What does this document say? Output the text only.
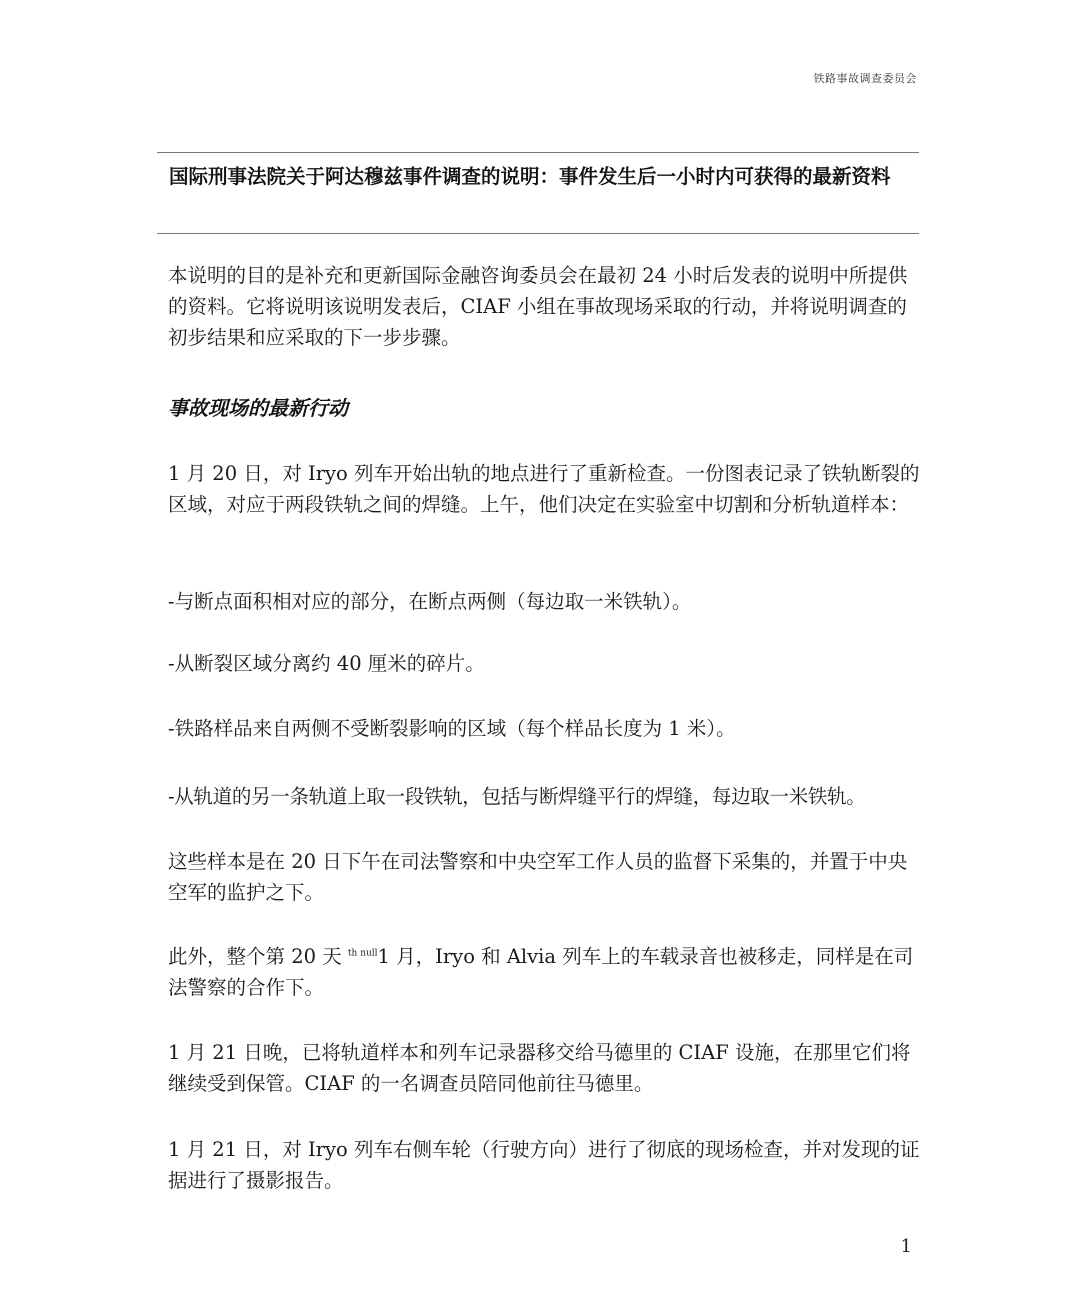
铁路事故调查委员会
国际刑事法院关于阿达穆兹事件调查的说明：事件发生后一小时内可获得的最新资料

本说明的目的是补充和更新国际金融咨询委员会在最初 24 小时后发表的说明中所提供的资料。它将说明该说明发表后，CIAF 小组在事故现场采取的行动，并将说明调查的初步结果和应采取的下一步步骤。

事故现场的最新行动

1 月 20 日，对 Iryo 列车开始出轨的地点进行了重新检查。一份图表记录了铁轨断裂的区域，对应于两段铁轨之间的焊缝。上午，他们决定在实验室中切割和分析轨道样本：

-与断点面积相对应的部分，在断点两侧（每边取一米铁轨）。

-从断裂区域分离约 40 厘米的碎片。

-铁路样品来自两侧不受断裂影响的区域（每个样品长度为 1 米）。

-从轨道的另一条轨道上取一段铁轨，包括与断焊缝平行的焊缝，每边取一米铁轨。

这些样本是在 20 日下午在司法警察和中央空军工作人员的监督下采集的，并置于中央空军的监护之下。

此外，整个第 20 天 $^{th null}$1 月，Iryo 和 Alvia 列车上的车载录音也被移走，同样是在司法警察的合作下。

1 月 21 日晚，已将轨道样本和列车记录器移交给马德里的 CIAF 设施，在那里它们将继续受到保管。CIAF 的一名调查员陪同他前往马德里。

1 月 21 日，对 Iryo 列车右侧车轮（行驶方向）进行了彻底的现场检查，并对发现的证据进行了摄影报告。

1
